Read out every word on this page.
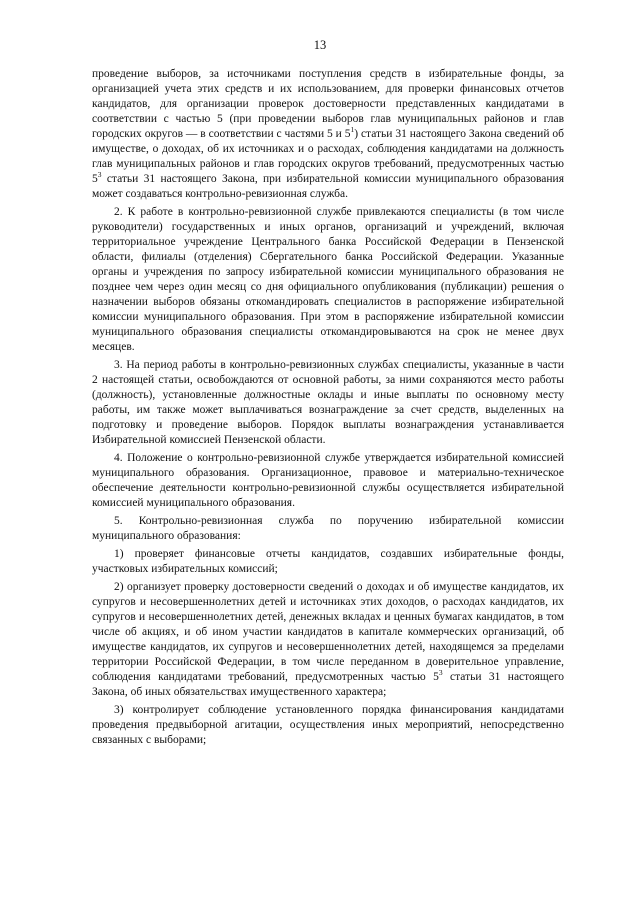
13

проведение выборов, за источниками поступления средств в избирательные фонды, за организацией учета этих средств и их использованием, для проверки финансовых отчетов кандидатов, для организации проверок достоверности представленных кандидатами в соответствии с частью 5 (при проведении выборов глав муниципальных районов и глав городских округов — в соответствии с частями 5 и $5^1$) статьи 31 настоящего Закона сведений об имуществе, о доходах, об их источниках и о расходах, соблюдения кандидатами на должность глав муниципальных районов и глав городских округов требований, предусмотренных частью $5^3$ статьи 31 настоящего Закона, при избирательной комиссии муниципального образования может создаваться контрольно-ревизионная служба.

2. К работе в контрольно-ревизионной службе привлекаются специалисты (в том числе руководители) государственных и иных органов, организаций и учреждений, включая территориальное учреждение Центрального банка Российской Федерации в Пензенской области, филиалы (отделения) Сбергательного банка Российской Федерации. Указанные органы и учреждения по запросу избирательной комиссии муниципального образования не позднее чем через один месяц со дня официального опубликования (публикации) решения о назначении выборов обязаны откомандировать специалистов в распоряжение избирательной комиссии муниципального образования. При этом в распоряжение избирательной комиссии муниципального образования специалисты откомандировываются на срок не менее двух месяцев.

3. На период работы в контрольно-ревизионных службах специалисты, указанные в части 2 настоящей статьи, освобождаются от основной работы, за ними сохраняются место работы (должность), установленные должностные оклады и иные выплаты по основному месту работы, им также может выплачиваться вознаграждение за счет средств, выделенных на подготовку и проведение выборов. Порядок выплаты вознаграждения устанавливается Избирательной комиссией Пензенской области.

4. Положение о контрольно-ревизионной службе утверждается избирательной комиссией муниципального образования. Организационное, правовое и материально-техническое обеспечение деятельности контрольно-ревизионной службы осуществляется избирательной комиссией муниципального образования.

5. Контрольно-ревизионная служба по поручению избирательной комиссии муниципального образования:

1) проверяет финансовые отчеты кандидатов, создавших избирательные фонды, участковых избирательных комиссий;

2) организует проверку достоверности сведений о доходах и об имуществе кандидатов, их супругов и несовершеннолетних детей и источниках этих доходов, о расходах кандидатов, их супругов и несовершеннолетних детей, денежных вкладах и ценных бумагах кандидатов, в том числе об акциях, и об ином участии кандидатов в капитале коммерческих организаций, об имуществе кандидатов, их супругов и несовершеннолетних детей, находящемся за пределами территории Российской Федерации, в том числе переданном в доверительное управление, соблюдения кандидатами требований, предусмотренных частью $5^3$ статьи 31 настоящего Закона, об иных обязательствах имущественного характера;

3) контролирует соблюдение установленного порядка финансирования кандидатами проведения предвыборной агитации, осуществления иных мероприятий, непосредственно связанных с выборами;
